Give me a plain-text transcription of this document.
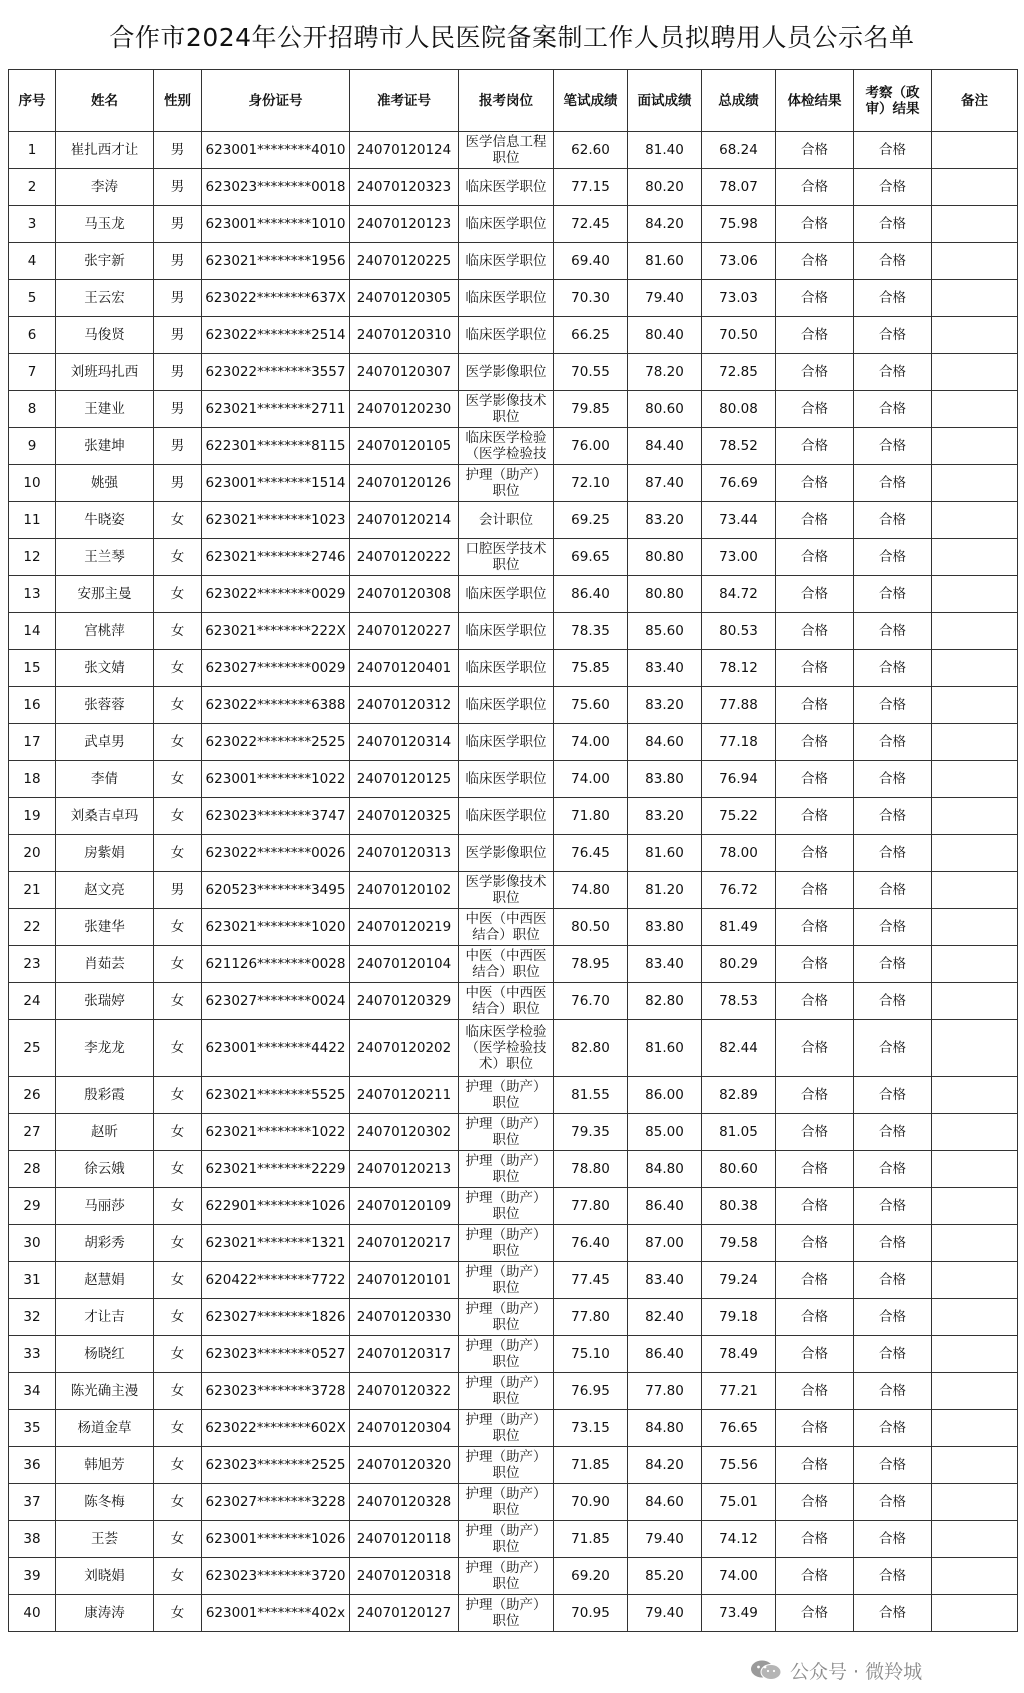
合作市2024年公开招聘市人民医院备案制工作人员拟聘用人员公示名单
序号	姓名	性别	身份证号	准考证号	报考岗位	笔试成绩	面试成绩	总成绩	体检结果	考察（政审）结果	备注
1	崔扎西才让	男	623001********4010	24070120124	医学信息工程职位	62.60	81.40	68.24	合格	合格	
2	李涛	男	623023********0018	24070120323	临床医学职位	77.15	80.20	78.07	合格	合格	
3	马玉龙	男	623001********1010	24070120123	临床医学职位	72.45	84.20	75.98	合格	合格	
4	张宇新	男	623021********1956	24070120225	临床医学职位	69.40	81.60	73.06	合格	合格	
5	王云宏	男	623022********637X	24070120305	临床医学职位	70.30	79.40	73.03	合格	合格	
6	马俊贤	男	623022********2514	24070120310	临床医学职位	66.25	80.40	70.50	合格	合格	
7	刘班玛扎西	男	623022********3557	24070120307	医学影像职位	70.55	78.20	72.85	合格	合格	
8	王建业	男	623021********2711	24070120230	医学影像技术职位	79.85	80.60	80.08	合格	合格	
9	张建坤	男	622301********8115	24070120105	临床医学检验（医学检验技	76.00	84.40	78.52	合格	合格	
10	姚强	男	623001********1514	24070120126	护理（助产）职位	72.10	87.40	76.69	合格	合格	
11	牛晓姿	女	623021********1023	24070120214	会计职位	69.25	83.20	73.44	合格	合格	
12	王兰琴	女	623021********2746	24070120222	口腔医学技术职位	69.65	80.80	73.00	合格	合格	
13	安那主曼	女	623022********0029	24070120308	临床医学职位	86.40	80.80	84.72	合格	合格	
14	宫桃萍	女	623021********222X	24070120227	临床医学职位	78.35	85.60	80.53	合格	合格	
15	张文婧	女	623027********0029	24070120401	临床医学职位	75.85	83.40	78.12	合格	合格	
16	张蓉蓉	女	623022********6388	24070120312	临床医学职位	75.60	83.20	77.88	合格	合格	
17	武卓男	女	623022********2525	24070120314	临床医学职位	74.00	84.60	77.18	合格	合格	
18	李倩	女	623001********1022	24070120125	临床医学职位	74.00	83.80	76.94	合格	合格	
19	刘桑吉卓玛	女	623023********3747	24070120325	临床医学职位	71.80	83.20	75.22	合格	合格	
20	房紫娟	女	623022********0026	24070120313	医学影像职位	76.45	81.60	78.00	合格	合格	
21	赵文亮	男	620523********3495	24070120102	医学影像技术职位	74.80	81.20	76.72	合格	合格	
22	张建华	女	623021********1020	24070120219	中医（中西医结合）职位	80.50	83.80	81.49	合格	合格	
23	肖茹芸	女	621126********0028	24070120104	中医（中西医结合）职位	78.95	83.40	80.29	合格	合格	
24	张瑞婷	女	623027********0024	24070120329	中医（中西医结合）职位	76.70	82.80	78.53	合格	合格	
25	李龙龙	女	623001********4422	24070120202	临床医学检验（医学检验技术）职位	82.80	81.60	82.44	合格	合格	
26	殷彩霞	女	623021********5525	24070120211	护理（助产）职位	81.55	86.00	82.89	合格	合格	
27	赵昕	女	623021********1022	24070120302	护理（助产）职位	79.35	85.00	81.05	合格	合格	
28	徐云娥	女	623021********2229	24070120213	护理（助产）职位	78.80	84.80	80.60	合格	合格	
29	马丽莎	女	622901********1026	24070120109	护理（助产）职位	77.80	86.40	80.38	合格	合格	
30	胡彩秀	女	623021********1321	24070120217	护理（助产）职位	76.40	87.00	79.58	合格	合格	
31	赵慧娟	女	620422********7722	24070120101	护理（助产）职位	77.45	83.40	79.24	合格	合格	
32	才让吉	女	623027********1826	24070120330	护理（助产）职位	77.80	82.40	79.18	合格	合格	
33	杨晓红	女	623023********0527	24070120317	护理（助产）职位	75.10	86.40	78.49	合格	合格	
34	陈光确主漫	女	623023********3728	24070120322	护理（助产）职位	76.95	77.80	77.21	合格	合格	
35	杨道金草	女	623022********602X	24070120304	护理（助产）职位	73.15	84.80	76.65	合格	合格	
36	韩旭芳	女	623023********2525	24070120320	护理（助产）职位	71.85	84.20	75.56	合格	合格	
37	陈冬梅	女	623027********3228	24070120328	护理（助产）职位	70.90	84.60	75.01	合格	合格	
38	王荟	女	623001********1026	24070120118	护理（助产）职位	71.85	79.40	74.12	合格	合格	
39	刘晓娟	女	623023********3720	24070120318	护理（助产）职位	69.20	85.20	74.00	合格	合格	
40	康涛涛	女	623001********402x	24070120127	护理（助产）职位	70.95	79.40	73.49	合格	合格	
公众号 · 微羚城
